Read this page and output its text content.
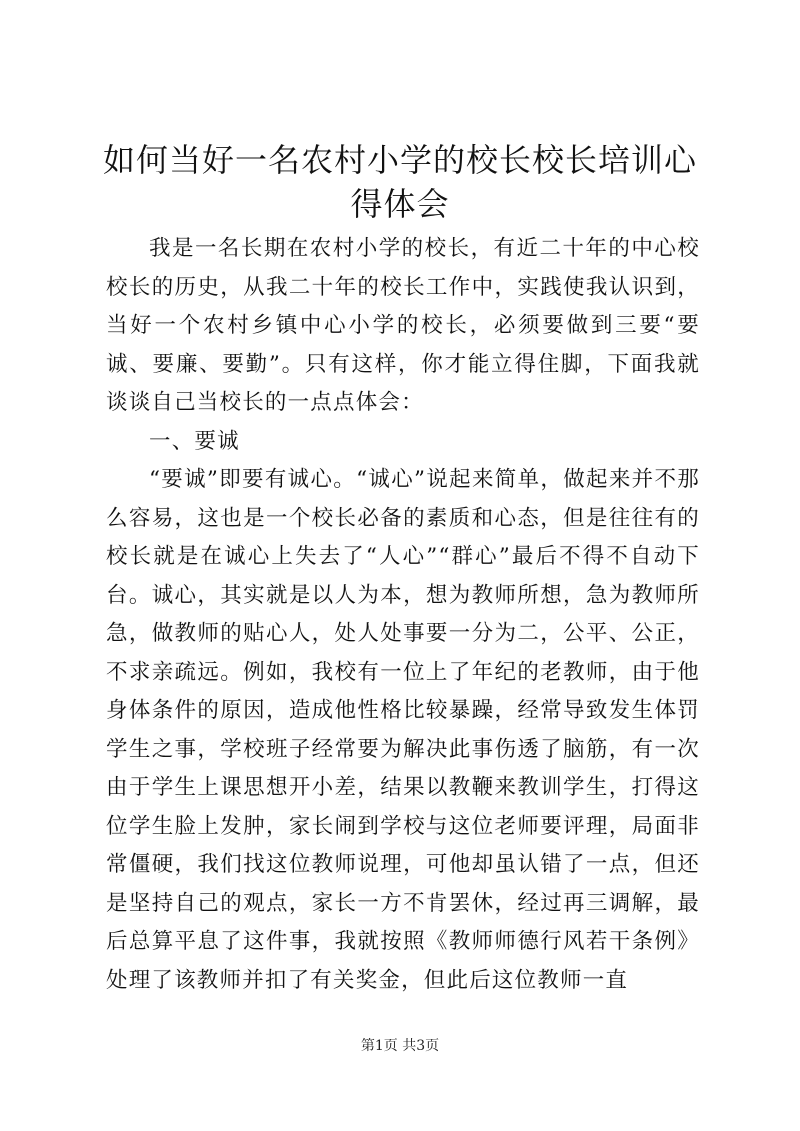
如何当好一名农村小学的校长校长培训心得体会

我是一名长期在农村小学的校长，有近二十年的中心校校长的历史，从我二十年的校长工作中，实践使我认识到，当好一个农村乡镇中心小学的校长，必须要做到三要“要诚、要廉、要勤”。只有这样，你才能立得住脚，下面我就谈谈自己当校长的一点点体会：

一、要诚

“要诚”即要有诚心。“诚心”说起来简单，做起来并不那么容易，这也是一个校长必备的素质和心态，但是往往有的校长就是在诚心上失去了“人心”“群心”最后不得不自动下台。诚心，其实就是以人为本，想为教师所想，急为教师所急，做教师的贴心人，处人处事要一分为二，公平、公正，不求亲疏远。例如，我校有一位上了年纪的老教师，由于他身体条件的原因，造成他性格比较暴躁，经常导致发生体罚学生之事，学校班子经常要为解决此事伤透了脑筋，有一次由于学生上课思想开小差，结果以教鞭来教训学生，打得这位学生脸上发肿，家长闹到学校与这位老师要评理，局面非常僵硬，我们找这位教师说理，可他却虽认错了一点，但还是坚持自己的观点，家长一方不肯罢休，经过再三调解，最后总算平息了这件事，我就按照《教师师德行风若干条例》处理了该教师并扣了有关奖金，但此后这位教师一直

第1页 共3页
